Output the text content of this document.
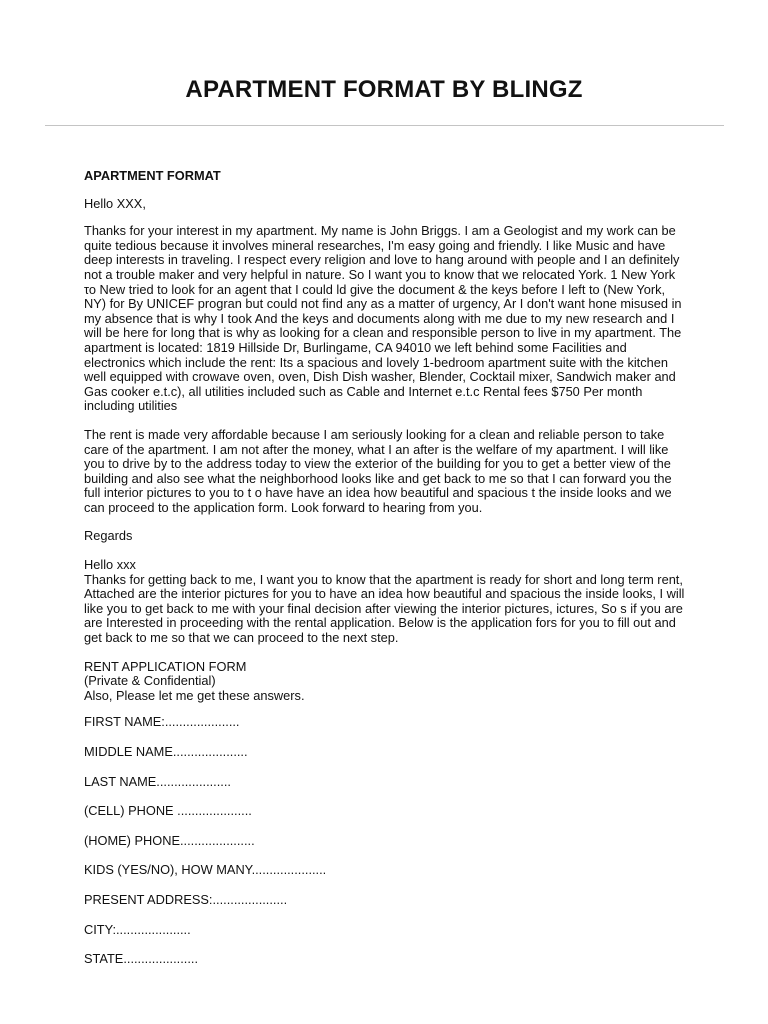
APARTMENT FORMAT BY BLINGZ

APARTMENT FORMAT

Hello XXX,

Thanks for your interest in my apartment. My name is John Briggs. I am a Geologist and my work can be quite tedious because it involves mineral researches, I'm easy going and friendly. I like Music and have deep interests in traveling. I respect every religion and love to hang around with people and I an definitely not a trouble maker and very helpful in nature. So I want you to know that we relocated York. 1 New York το New tried to look for an agent that I could ld give the document & the keys before I left to (New York, NY) for By UNICEF progran but could not find any as a matter of urgency, Ar I don't want hone misused in my absence that is why I took And the keys and documents along with me due to my new research and I will be here for long that is why as looking for a clean and responsible person to live in my apartment. The apartment is located: 1819 Hillside Dr, Burlingame, CA 94010 we left behind some Facilities and electronics which include the rent: Its a spacious and lovely 1-bedroom apartment suite with the kitchen well equipped with crowave oven, oven, Dish Dish washer, Blender, Cocktail mixer, Sandwich maker and Gas cooker e.t.c), all utilities included such as Cable and Internet e.t.c Rental fees $750 Per month including utilities

The rent is made very affordable because I am seriously looking for a clean and reliable person to take care of the apartment. I am not after the money, what I an after is the welfare of my apartment. I will like you to drive by to the address today to view the exterior of the building for you to get a better view of the building and also see what the neighborhood looks like and get back to me so that I can forward you the full interior pictures to you to t o have have an idea how beautiful and spacious t the inside looks and we can proceed to the application form. Look forward to hearing from you.

Regards

Hello xxx

Thanks for getting back to me, I want you to know that the apartment is ready for short and long term rent, Attached are the interior pictures for you to have an idea how beautiful and spacious the inside looks, I will like you to get back to me with your final decision after viewing the interior pictures, ictures, So s if you are are Interested in proceeding with the rental application. Below is the application fors for you to fill out and get back to me so that we can proceed to the next step.

RENT APPLICATION FORM

(Private & Confidential)

Also, Please let me get these answers.

FIRST NAME:.....................

MIDDLE NAME.....................

LAST NAME.....................

(CELL) PHONE .....................

(HOME) PHONE.....................

KIDS (YES/NO), HOW MANY.....................

PRESENT ADDRESS:.....................

CITY:.....................

STATE.....................
